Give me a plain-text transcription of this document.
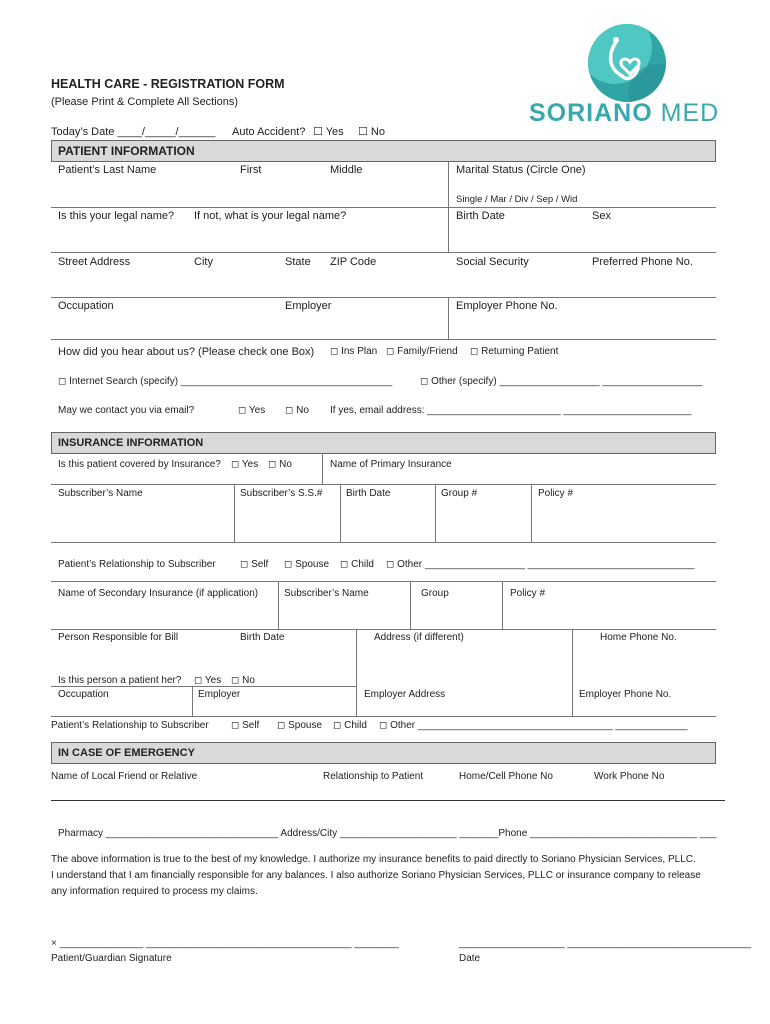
SORIANO MED
HEALTH CARE - REGISTRATION FORM
(Please Print & Complete All Sections)
Today’s Date ____/_____/______ Auto Accident? ☐ Yes ☐ No
PATIENT INFORMATION
Patient’s Last Name	First	Middle	Marital Status (Circle One)
Single / Mar / Div / Sep / Wid
Is this your legal name? If not, what is your legal name?	Birth Date	Sex
Street Address	City	State ZIP Code	Social Security	Preferred Phone No.
Occupation	Employer	Employer Phone No.
How did you hear about us? (Please check one Box) ◻ Ins Plan ◻ Family/Friend ◻ Returning Patient
◻ Internet Search (specify) ______________________________________	◻ Other (specify) __________________ __________________
May we contact you via email?	◻ Yes ◻ No If yes, email address: ________________________ _______________________
INSURANCE INFORMATION
Is this patient covered by Insurance? ◻ Yes ◻ No	Name of Primary Insurance
Subscriber’s Name	Subscriber’s S.S.# Birth Date	Group #	Policy #
Patient’s Relationship to Subscriber ◻ Self ◻ Spouse ◻ Child ◻ Other __________________ ______________________________
Name of Secondary Insurance (if application)	Subscriber’s Name	Group	Policy #
Person Responsible for Bill	Birth Date	Address (if different)	Home Phone No.
Is this person a patient her? ◻ Yes ◻ No
Occupation	Employer	Employer Address	Employer Phone No.
Patient’s Relationship to Subscriber ◻ Self ◻ Spouse ◻ Child ◻ Other ___________________________________ _____________
IN CASE OF EMERGENCY
Name of Local Friend or Relative	Relationship to Patient	Home/Cell Phone No	Work Phone No
Pharmacy _______________________________ Address/City _____________________ _______Phone ______________________________ ___
The above information is true to the best of my knowledge. I authorize my insurance benefits to paid directly to Soriano Physician Services, PLLC.
I understand that I am financially responsible for any balances. I also authorize Soriano Physician Services, PLLC or insurance company to release
any information required to process my claims.
× _______________ _____________________________________ ________
Patient/Guardian Signature
___________________ _________________________________
Date
